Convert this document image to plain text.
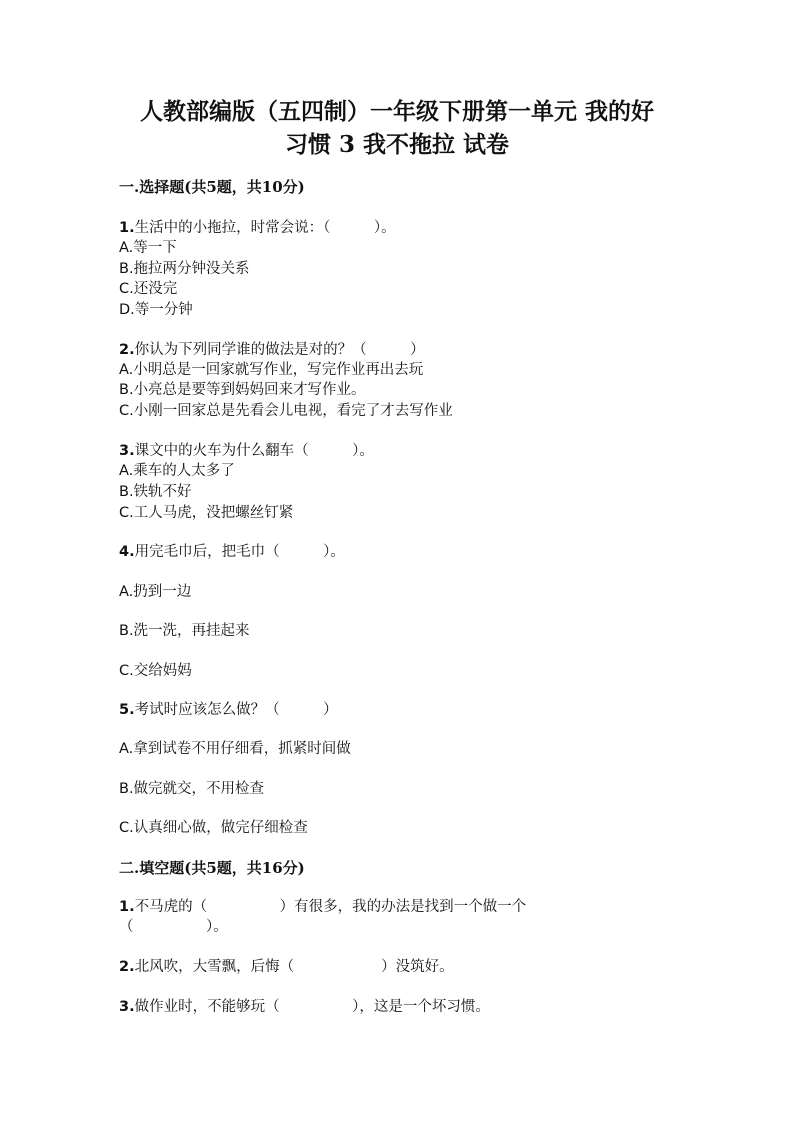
人教部编版（五四制）一年级下册第一单元 我的好
习惯 3 我不拖拉 试卷
一.选择题(共5题，共10分)
1.生活中的小拖拉，时常会说：（　　　）。
A.等一下
B.拖拉两分钟没关系
C.还没完
D.等一分钟
2.你认为下列同学谁的做法是对的？（　　　）
A.小明总是一回家就写作业，写完作业再出去玩
B.小亮总是要等到妈妈回来才写作业。
C.小刚一回家总是先看会儿电视，看完了才去写作业
3.课文中的火车为什么翻车（　　　）。
A.乘车的人太多了
B.铁轨不好
C.工人马虎，没把螺丝钉紧
4.用完毛巾后，把毛巾（　　　）。
A.扔到一边
B.洗一洗，再挂起来
C.交给妈妈
5.考试时应该怎么做？（　　　）
A.拿到试卷不用仔细看，抓紧时间做
B.做完就交，不用检查
C.认真细心做，做完仔细检查
二.填空题(共5题，共16分)
1.不马虎的（　　　　　）有很多，我的办法是找到一个做一个
（　　　　　）。
2.北风吹，大雪飘，后悔（　　　　　　）没筑好。
3.做作业时，不能够玩（　　　　　），这是一个坏习惯。
